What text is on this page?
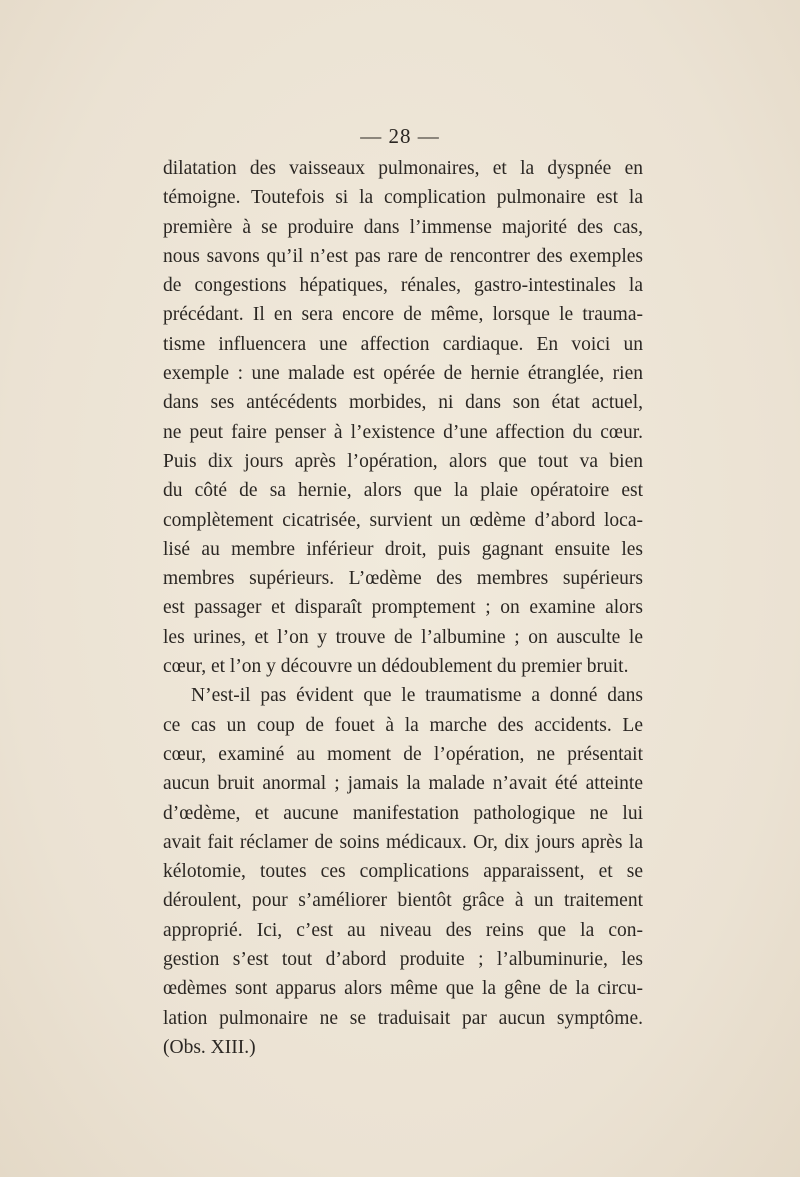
— 28 —
dilatation des vaisseaux pulmonaires, et la dyspnée en
témoigne. Toutefois si la complication pulmonaire est la
première à se produire dans l’immense majorité des cas,
nous savons qu’il n’est pas rare de rencontrer des exemples
de congestions hépatiques, rénales, gastro-intestinales la
précédant. Il en sera encore de même, lorsque le trauma-
tisme influencera une affection cardiaque. En voici un
exemple : une malade est opérée de hernie étranglée, rien
dans ses antécédents morbides, ni dans son état actuel,
ne peut faire penser à l’existence d’une affection du cœur.
Puis dix jours après l’opération, alors que tout va bien
du côté de sa hernie, alors que la plaie opératoire est
complètement cicatrisée, survient un œdème d’abord loca-
lisé au membre inférieur droit, puis gagnant ensuite les
membres supérieurs. L’œdème des membres supérieurs
est passager et disparaît promptement ; on examine alors
les urines, et l’on y trouve de l’albumine ; on ausculte le
cœur, et l’on y découvre un dédoublement du premier bruit.
N’est-il pas évident que le traumatisme a donné dans
ce cas un coup de fouet à la marche des accidents. Le
cœur, examiné au moment de l’opération, ne présentait
aucun bruit anormal ; jamais la malade n’avait été atteinte
d’œdème, et aucune manifestation pathologique ne lui
avait fait réclamer de soins médicaux. Or, dix jours après la
kélotomie, toutes ces complications apparaissent, et se
déroulent, pour s’améliorer bientôt grâce à un traitement
approprié. Ici, c’est au niveau des reins que la con-
gestion s’est tout d’abord produite ; l’albuminurie, les
œdèmes sont apparus alors même que la gêne de la circu-
lation pulmonaire ne se traduisait par aucun symptôme.
(Obs. XIII.)
